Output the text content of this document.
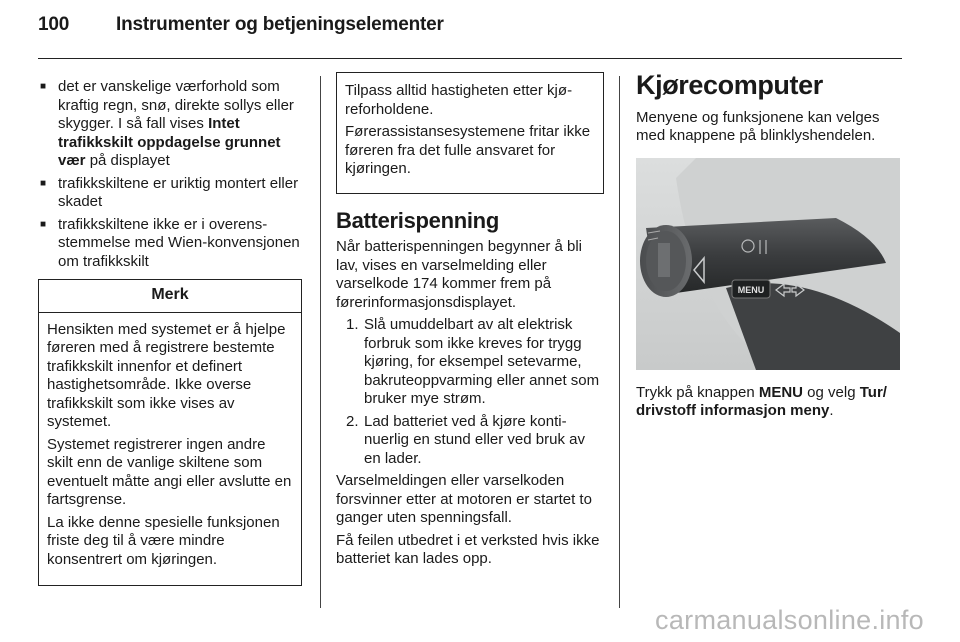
100 Instrumenter og betjeningselementer
■ det er vanskelige værforhold som kraftig regn, snø, direkte sollys eller skygger. I så fall vises Intet trafikkskilt oppdagelse grunnet vær på displayet
■ trafikkskiltene er uriktig montert eller skadet
■ trafikkskiltene ikke er i overensstemmelse med Wien-konvensjonen om trafikkskilt
Merk

Hensikten med systemet er å hjelpe føreren med å registrere bestemte trafikkskilt innenfor et definert hastighetsområde. Ikke overse trafikkskilt som ikke vises av systemet.

Systemet registrerer ingen andre skilt enn de vanlige skiltene som eventuelt måtte angi eller avslutte en fartsgrense.

La ikke denne spesielle funksjonen friste deg til å være mindre konsentrert om kjøringen.

Tilpass alltid hastigheten etter kjøreforholdene.

Førerassistansesystemene fritar ikke føreren fra det fulle ansvaret for kjøringen.

Batterispenning

Når batterispenningen begynner å bli lav, vises en varselmelding eller varselkode 174 kommer frem på førerinformasjonsdisplayet.

1. Slå umuddelbart av alt elektrisk forbruk som ikke kreves for trygg kjøring, for eksempel setevarme, bakruteoppvarming eller annet som bruker mye strøm.
2. Lad batteriet ved å kjøre kontinuerlig en stund eller ved bruk av en lader.

Varselmeldingen eller varselkoden forsvinner etter at motoren er startet to ganger uten spenningsfall.

Få feilen utbedret i et verksted hvis ikke batteriet kan lades opp.

Kjørecomputer

Menyene og funksjonene kan velges med knappene på blinklyshendelen.

MENU

Trykk på knappen MENU og velg Tur/ drivstoff informasjon meny.

carmanualsonline.info
